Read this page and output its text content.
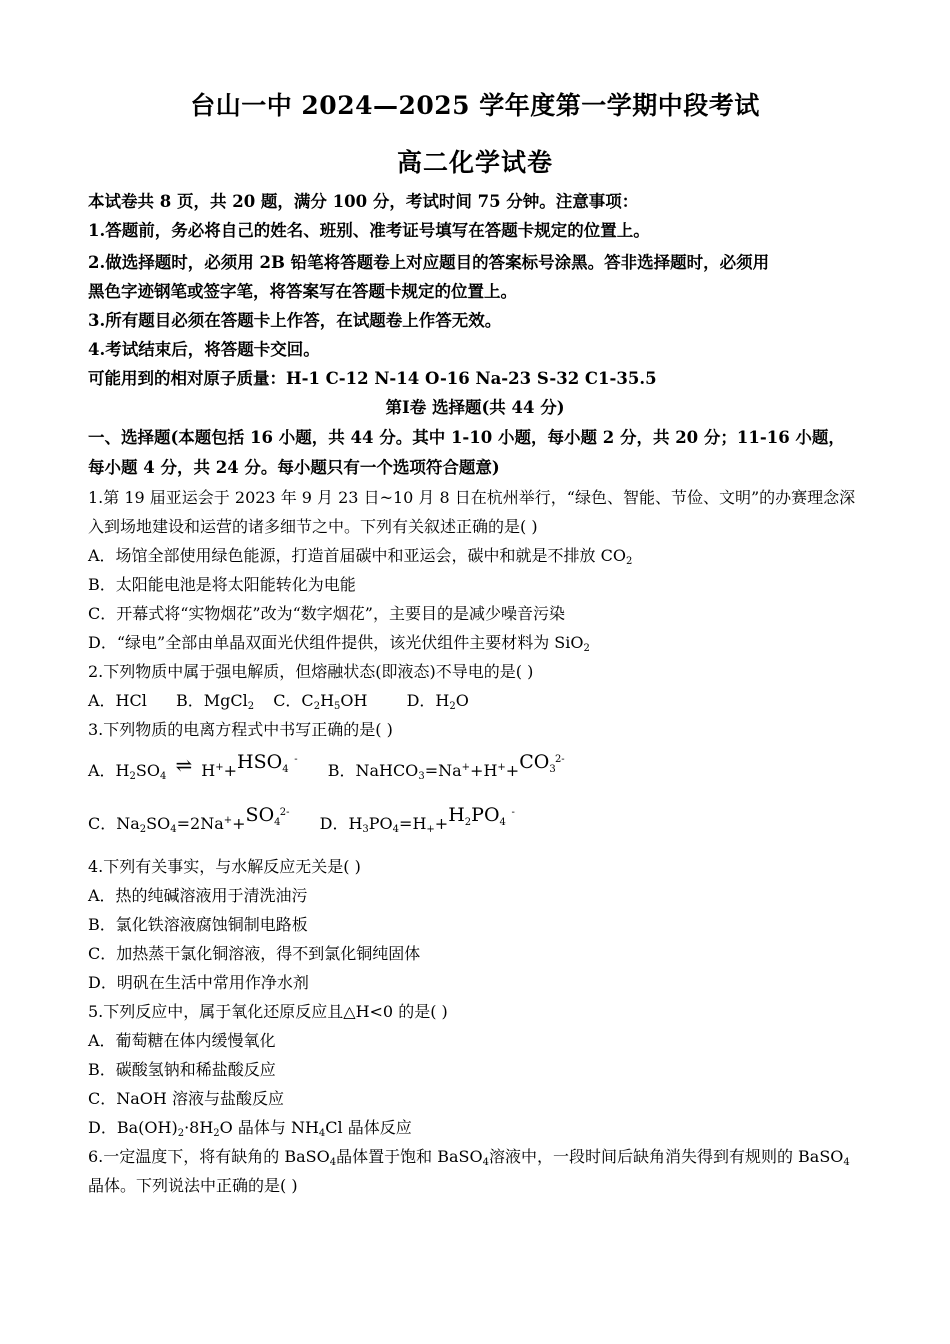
台山一中 2024—2025 学年度第一学期中段考试
高二化学试卷
本试卷共 8 页，共 20 题，满分 100 分，考试时间 75 分钟。注意事项：
1.答题前，务必将自己的姓名、班别、准考证号填写在答题卡规定的位置上。
2.做选择题时，必须用 2B 铅笔将答题卷上对应题目的答案标号涂黑。答非选择题时，必须用
黑色字迹钢笔或签字笔，将答案写在答题卡规定的位置上。
3.所有题目必须在答题卡上作答，在试题卷上作答无效。
4.考试结束后，将答题卡交回。
可能用到的相对原子质量：H-1 C-12 N-14 O-16 Na-23 S-32 C1-35.5
第Ⅰ卷 选择题(共 44 分)
一、选择题(本题包括 16 小题，共 44 分。其中 1-10 小题，每小题 2 分，共 20 分；11-16 小题，
每小题 4 分，共 24 分。每小题只有一个选项符合题意)
1.第 19 届亚运会于 2023 年 9 月 23 日~10 月 8 日在杭州举行，“绿色、智能、节俭、文明”的办赛理念深
入到场地建设和运营的诸多细节之中。下列有关叙述正确的是( )
A．场馆全部使用绿色能源，打造首届碳中和亚运会，碳中和就是不排放 $CO_2$
B．太阳能电池是将太阳能转化为电能
C．开幕式将“实物烟花”改为“数字烟花”，主要目的是减少噪音污染
D．“绿电”全部由单晶双面光伏组件提供，该光伏组件主要材料为 SiO$_2$
2.下列物质中属于强电解质，但熔融状态(即液态)不导电的是( )
A．HCl B．MgCl$_2$ C．$C_2H_5OH$ D．$H_2O$
3.下列物质的电离方程式中书写正确的是( )
A．$H_2SO_4$ ⇌ H++HSO -
$_4$ B．NaHCO$_3$=Na++H++CO 2-
$_3$
C．$Na_2SO_4=2Na^++SO$ 2-
$_4$ D．$H_3PO_4=H_++H_2PO$ -
$_4$
4.下列有关事实，与水解反应无关是( )
A．热的纯碱溶液用于清洗油污
B．氯化铁溶液腐蚀铜制电路板
C．加热蒸干氯化铜溶液，得不到氯化铜纯固体
D．明矾在生活中常用作净水剂
5.下列反应中，属于氧化还原反应且△H<0 的是( )
A．葡萄糖在体内缓慢氧化
B．碳酸氢钠和稀盐酸反应
C．NaOH 溶液与盐酸反应
D．$Ba(OH)_2\cdot 8H_2O$ 晶体与 $NH_4Cl$ 晶体反应
6.一定温度下，将有缺角的 BaSO$_4$晶体置于饱和 BaSO$_4$溶液中，一段时间后缺角消失得到有规则的 BaSO$_4$
晶体。下列说法中正确的是( )
